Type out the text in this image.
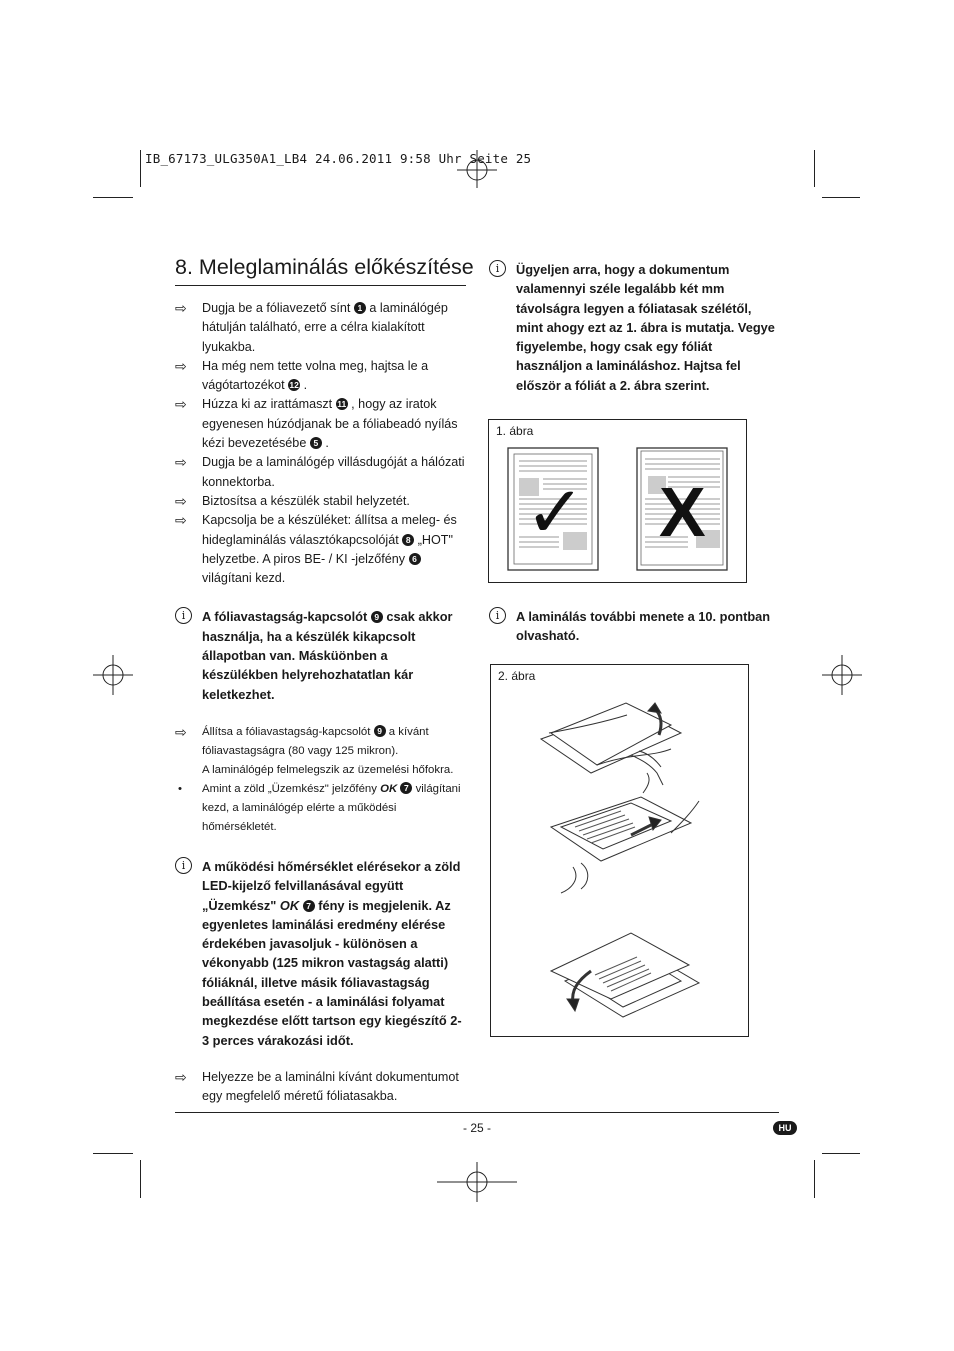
IB_67173_ULG350A1_LB4 24.06.2011 9:58 Uhr Seite 25
8. Meleglaminálás előkészítése
⇨ Dugja be a fóliavezető sínt 1 a laminálógép hátulján található, erre a célra kialakított lyukakba.
⇨ Ha még nem tette volna meg, hajtsa le a vágótartozékot 12 .
⇨ Húzza ki az irattámaszt 11 , hogy az iratok egyenesen húzódjanak be a fóliabeadó nyílás kézi bevezetésébe 5 .
⇨ Dugja be a laminálógép villásdugóját a hálózati konnektorba.
⇨ Biztosítsa a készülék stabil helyzetét.
⇨ Kapcsolja be a készüléket: állítsa a meleg- és hideglaminálás választókapcsolóját 8 „HOT" helyzetbe. A piros BE- / KI -jelzőfény 6 világítani kezd.
i	A fóliavastagság-kapcsolót 9 csak akkor használja, ha a készülék kikapcsolt állapotban van. Másküönben a készülékben helyrehozhatatlan kár keletkezhet.
⇨ Állítsa a fóliavastagság-kapcsolót 9 a kívánt fóliavastagságra (80 vagy 125 mikron).
A laminálógép felmelegszik az üzemelési hőfokra.
• Amint a zöld „Üzemkész" jelzőfény OK 7 világítani kezd, a laminálógép elérte a működési hőmérsékletét.
i	A működési hőmérséklet elérésekor a zöld LED-kijelző felvillanásával együtt „Üzemkész" OK 7 fény is megjelenik. Az egyenletes laminálási eredmény elérése érdekében javasoljuk - különösen a vékonyabb (125 mikron vastagság alatti) fóliáknál, illetve másik fóliavastagság beállítása esetén - a laminálási folyamat megkezdése előtt tartson egy kiegészítő 2-3 perces várakozási időt.
⇨ Helyezze be a laminálni kívánt dokumentumot egy megfelelő méretű fóliatasakba.
i	Ügyeljen arra, hogy a dokumentum valamennyi széle legalább két mm távolságra legyen a fóliatasak szélétől, mint ahogy ezt az 1. ábra is mutatja. Vegye figyelembe, hogy csak egy fóliát használjon a lamináláshoz. Hajtsa fel először a fóliát a 2. ábra szerint.
1. ábra
✓ X
i	A laminálás további menete a 10. pontban olvasható.
2. ábra
- 25 -	HU
